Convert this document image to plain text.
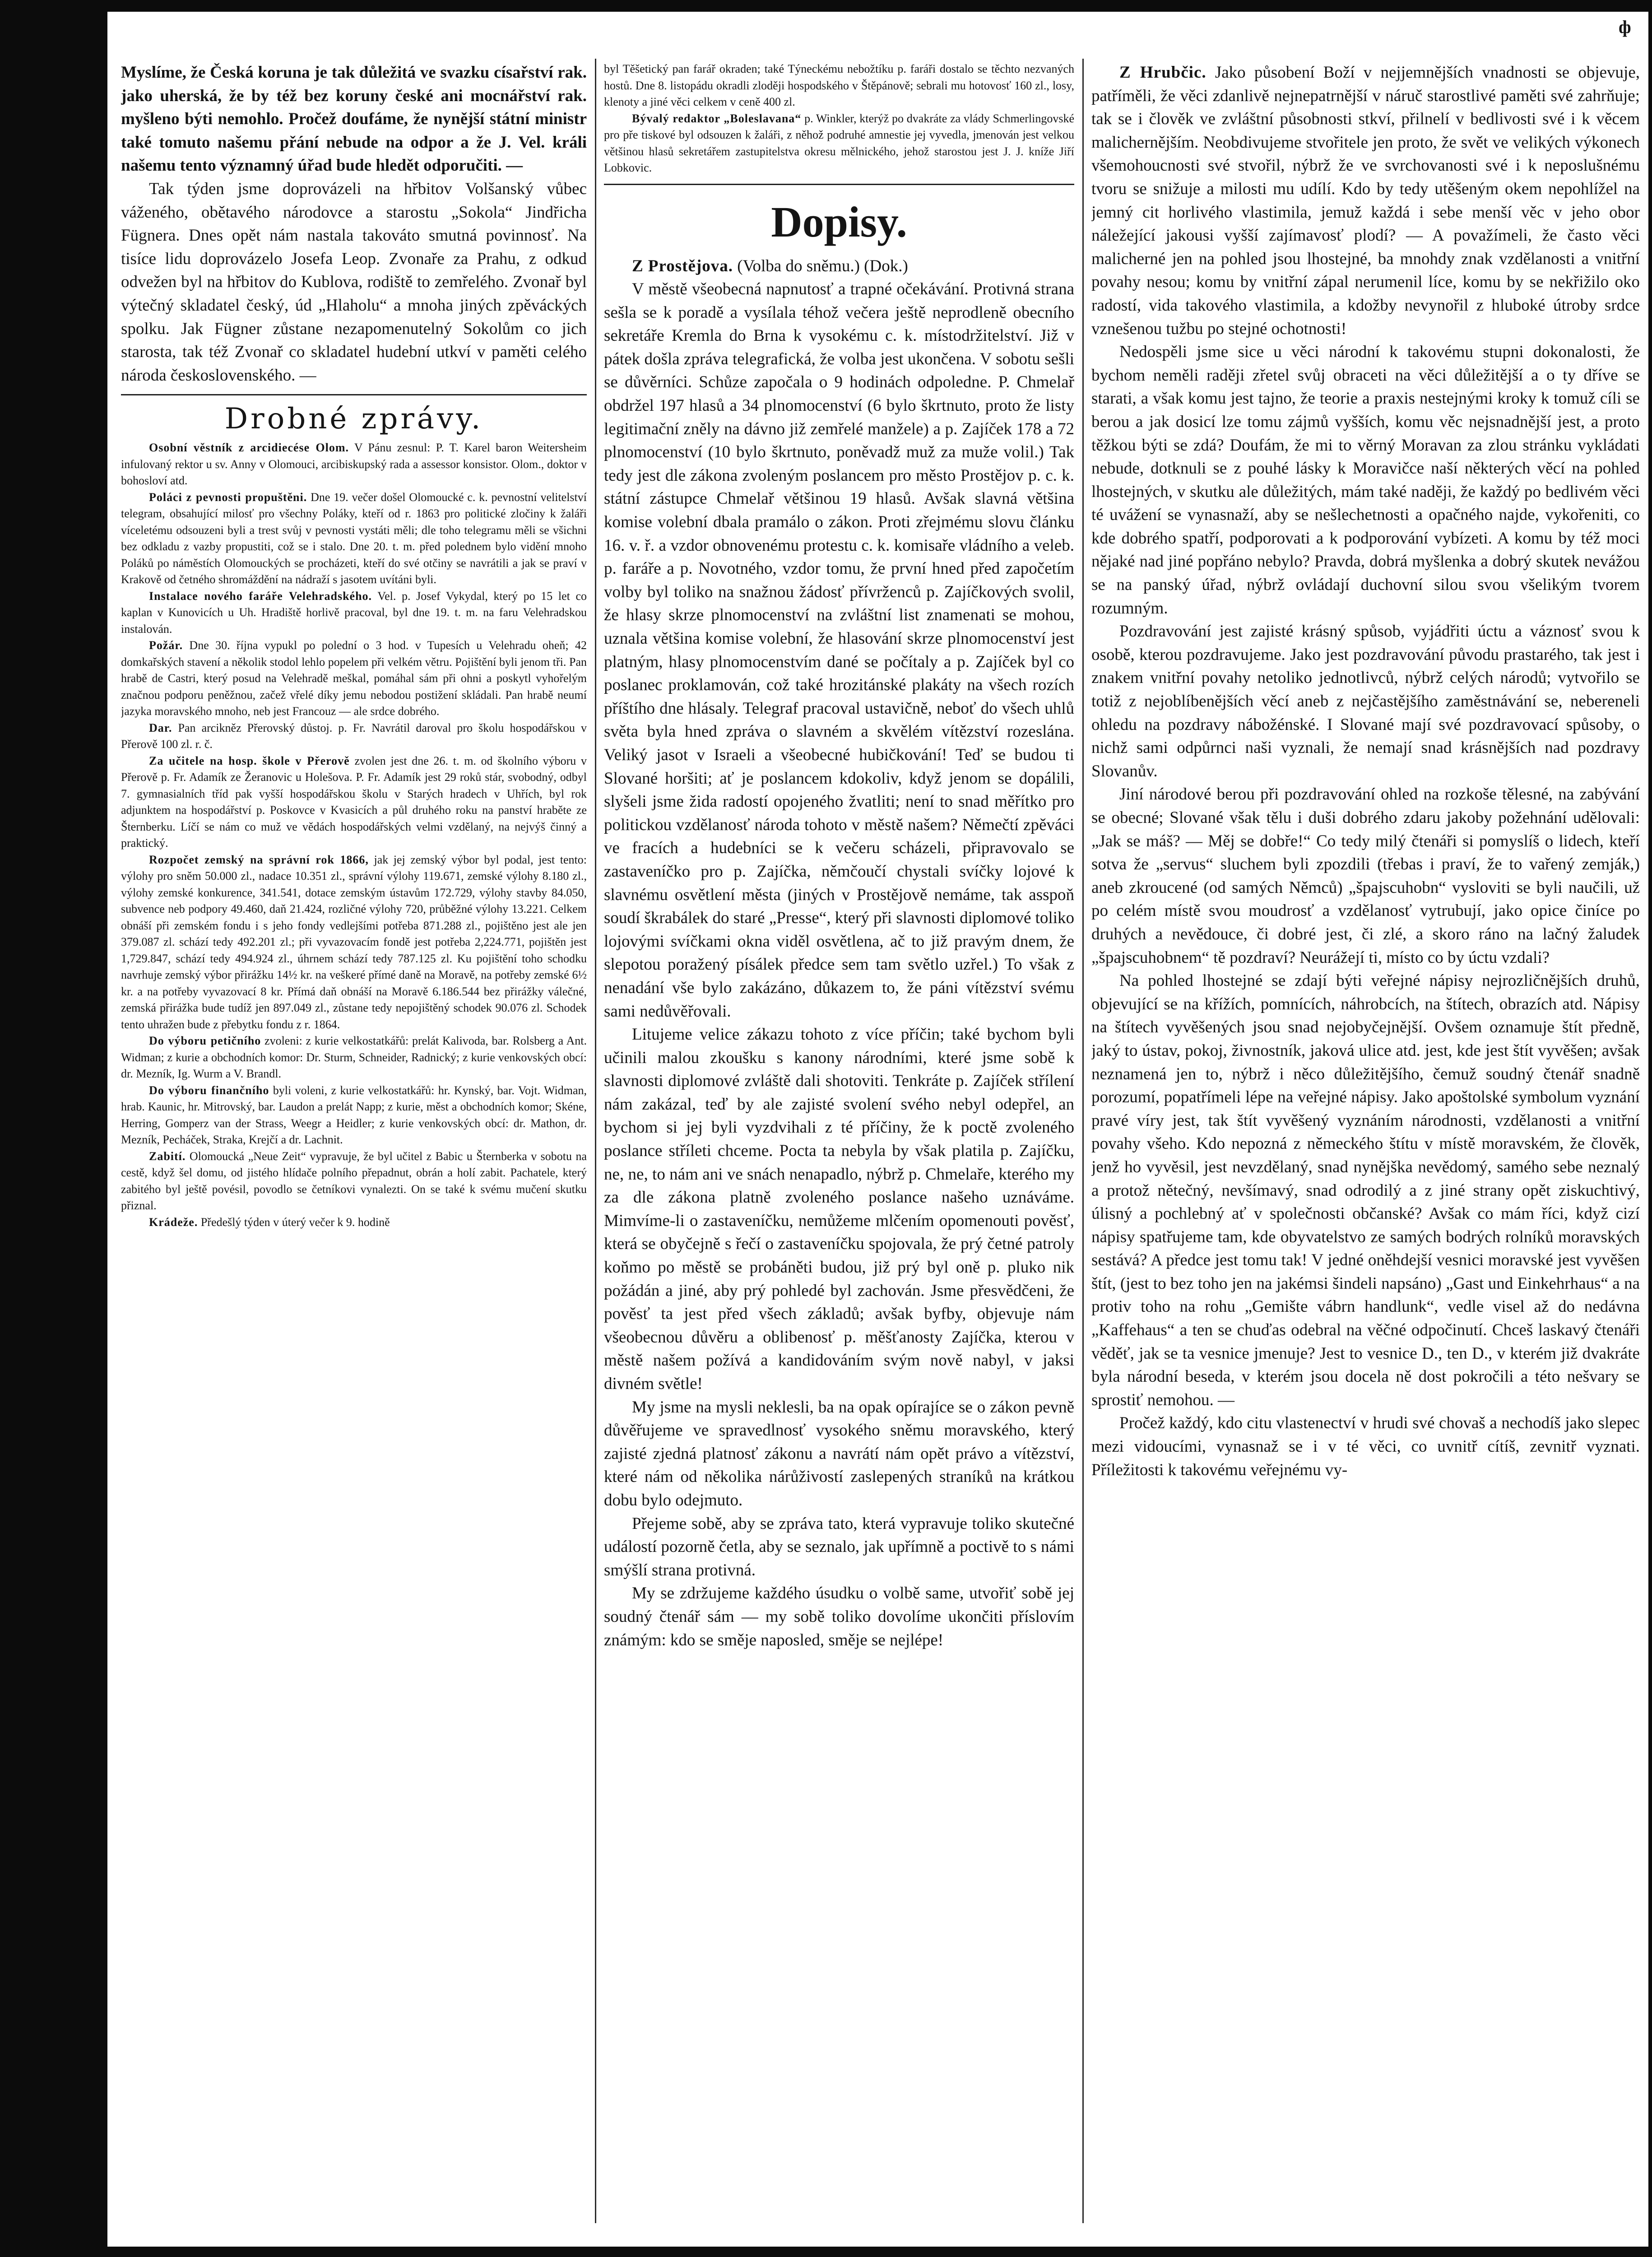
ф

Myslíme, že Česká koruna je tak důležitá ve svazku císařství rak. jako uherská, že by též bez koruny české ani mocnářství rak. myšleno býti nemohlo. Pročež doufáme, že nynější státní ministr také tomuto našemu přání nebude na odpor a že J. Vel. králi našemu tento významný úřad bude hledět odporučiti. —

Tak týden jsme doprovázeli na hřbitov Volšanský vůbec váženého, obětavého národovce a starostu „Sokola“ Jindřicha Fügnera. Dnes opět nám nastala takováto smutná povinnosť. Na tisíce lidu doprovázelo Josefa Leop. Zvonaře za Prahu, z odkud odvežen byl na hřbitov do Kublova, rodiště to zemřelého. Zvonař byl výtečný skladatel český, úd „Hlaholu“ a mnoha jiných zpěváckých spolku. Jak Fügner zůstane nezapomenutelný Sokolům co jich starosta, tak též Zvonař co skladatel hudební utkví v paměti celého národa československého. —

Drobné zprávy.

Osobní věstník z arcidiecése Olom. V Pánu zesnul: P. T. Karel baron Weitersheim infulovaný rektor u sv. Anny v Olomouci, arcibiskupský rada a assessor konsistor. Olom., doktor v bohosloví atd.

Poláci z pevnosti propuštěni. Dne 19. večer došel Olomoucké c. k. pevnostní velitelství telegram, obsahující milosť pro všechny Poláky, kteří od r. 1863 pro politické zločiny k žaláři víceletému odsouzeni byli a trest svůj v pevnosti vystáti měli; dle toho telegramu měli se všichni bez odkladu z vazby propustiti, což se i stalo. Dne 20. t. m. před polednem bylo vidění mnoho Poláků po náměstích Olomouckých se procházeti, kteří do své otčiny se navrátili a jak se praví v Krakově od četného shromáždění na nádraží s jasotem uvítáni byli.

Instalace nového faráře Velehradského. Vel. p. Josef Vykydal, který po 15 let co kaplan v Kunovicích u Uh. Hradiště horlivě pracoval, byl dne 19. t. m. na faru Velehradskou instalován.

Požár. Dne 30. října vypukl po polední o 3 hod. v Tupesích u Velehradu oheň; 42 domkařských stavení a několik stodol lehlo popelem při velkém větru. Pojištění byli jenom tři. Pan hrabě de Castri, který posud na Velehradě meškal, pomáhal sám při ohni a poskytl vyhořelým značnou podporu peněžnou, začež vřelé díky jemu nebodou postižení skládali. Pan hrabě neumí jazyka moravského mnoho, neb jest Francouz — ale srdce dobrého.

Dar. Pan arcikněz Přerovský důstoj. p. Fr. Navrátil daroval pro školu hospodářskou v Přerově 100 zl. r. č.

Za učitele na hosp. škole v Přerově zvolen jest dne 26. t. m. od školního výboru v Přerově p. Fr. Adamík ze Žeranovic u Holešova. P. Fr. Adamík jest 29 roků stár, svobodný, odbyl 7. gymnasialních tříd pak vyšší hospodářskou školu v Starých hradech v Uhřích, byl rok adjunktem na hospodářství p. Poskovce v Kvasicích a půl druhého roku na panství hraběte ze Šternberku. Líčí se nám co muž ve vědách hospodářských velmi vzdělaný, na nejvýš činný a praktický.

Rozpočet zemský na správní rok 1866, jak jej zemský výbor byl podal, jest tento: výlohy pro sněm 50.000 zl., nadace 10.351 zl., správní výlohy 119.671, zemské výlohy 8.180 zl., výlohy zemské konkurence, 341.541, dotace zemským ústavům 172.729, výlohy stavby 84.050, subvence neb podpory 49.460, daň 21.424, rozličné výlohy 720, průběžné výlohy 13.221. Celkem obnáší při zemském fondu i s jeho fondy vedlejšími potřeba 871.288 zl., pojištěno jest ale jen 379.087 zl. schází tedy 492.201 zl.; při vyvazovacím fondě jest potřeba 2,224.771, pojištěn jest 1,729.847, schází tedy 494.924 zl., úhrnem schází tedy 787.125 zl. Ku pojištění toho schodku navrhuje zemský výbor přirážku 14½ kr. na veškeré přímé daně na Moravě, na potřeby zemské 6½ kr. a na potřeby vyvazovací 8 kr. Přímá daň obnáší na Moravě 6.186.544 bez přirážky válečné, zemská přirážka bude tudíž jen 897.049 zl., zůstane tedy nepojištěný schodek 90.076 zl. Schodek tento uhražen bude z přebytku fondu z r. 1864.

Do výboru petičního zvoleni: z kurie velkostatkářů: prelát Kalivoda, bar. Rolsberg a Ant. Widman; z kurie a obchodních komor: Dr. Sturm, Schneider, Radnický; z kurie venkovských obcí: dr. Mezník, Ig. Wurm a V. Brandl.

Do výboru finančního byli voleni, z kurie velkostatkářů: hr. Kynský, bar. Vojt. Widman, hrab. Kaunic, hr. Mitrovský, bar. Laudon a prelát Napp; z kurie, měst a obchodních komor; Skéne, Herring, Gomperz van der Strass, Weegr a Heidler; z kurie venkovských obcí: dr. Mathon, dr. Mezník, Pecháček, Straka, Krejčí a dr. Lachnit.

Zabití. Olomoucká „Neue Zeit“ vypravuje, že byl učitel z Babic u Šternberka v sobotu na cestě, když šel domu, od jistého hlídače polního přepadnut, obrán a holí zabit. Pachatele, který zabitého byl ještě povésil, povodlo se četníkovi vynalezti. On se také k svému mučení skutku přiznal.

Krádeže. Předešlý týden v úterý večer k 9. hodině

byl Těšetický pan farář okraden; také Týneckému nebožtíku p. faráři dostalo se těchto nezvaných hostů. Dne 8. listopádu okradli zloději hospodského v Štěpánově; sebrali mu hotovosť 160 zl., losy, klenoty a jiné věci celkem v ceně 400 zl.

Bývalý redaktor „Boleslavana“ p. Winkler, kterýž po dvakráte za vlády Schmerlingovské pro pře tiskové byl odsouzen k žaláři, z něhož podruhé amnestie jej vyvedla, jmenován jest velkou většinou hlasů sekretářem zastupitelstva okresu mělnického, jehož starostou jest J. J. kníže Jiří Lobkovic.

Dopisy.

Z Prostějova. (Volba do sněmu.) (Dok.)

V městě všeobecná napnutosť a trapné očekávání. Protivná strana sešla se k poradě a vysílala téhož večera ještě neprodleně obecního sekretáře Kremla do Brna k vysokému c. k. místodržitelství. Již v pátek došla zpráva telegrafická, že volba jest ukončena. V sobotu sešli se důvěrníci. Schůze započala o 9 hodinách odpoledne. P. Chmelař obdržel 197 hlasů a 34 plnomocenství (6 bylo škrtnuto, proto že listy legitimační zněly na dávno již zemřelé manžele) a p. Zajíček 178 a 72 plnomocenství (10 bylo škrtnuto, poněvadž muž za muže volil.) Tak tedy jest dle zákona zvoleným poslancem pro město Prostějov p. c. k. státní zástupce Chmelař většinou 19 hlasů. Avšak slavná většina komise volební dbala pramálo o zákon. Proti zřejmému slovu článku 16. v. ř. a vzdor obnovenému protestu c. k. komisaře vládního a veleb. p. faráře a p. Novotného, vzdor tomu, že první hned před započetím volby byl toliko na snažnou žádosť přívrženců p. Zajíčkových svolil, že hlasy skrze plnomocenství na zvláštní list znamenati se mohou, uznala většina komise volební, že hlasování skrze plnomocenství jest platným, hlasy plnomocenstvím dané se počítaly a p. Zajíček byl co poslanec proklamován, což také hrozitánské plakáty na všech rozích příštího dne hlásaly. Telegraf pracoval ustavičně, neboť do všech uhlů světa byla hned zpráva o slavném a skvělém vítězství rozeslána. Veliký jasot v Israeli a všeobecné hubičkování! Teď se budou ti Slované horšiti; ať je poslancem kdokoliv, když jenom se dopálili, slyšeli jsme žida radostí opojeného žvatliti; není to snad měřítko pro politickou vzdělanosť národa tohoto v městě našem? Němečtí zpěváci ve fracích a hudebníci se k večeru scházeli, připravovalo se zastaveníčko pro p. Zajíčka, němčoučí chystali svíčky lojové k slavnému osvětlení města (jiných v Prostějově nemáme, tak asspoň soudí škrabálek do staré „Presse“, který při slavnosti diplomové toliko lojovými svíčkami okna viděl osvětlena, ač to již pravým dnem, že slepotou poražený písálek předce sem tam světlo uzřel.) To však z nenadání vše bylo zakázáno, důkazem to, že páni vítězství svému sami nedůvěřovali.

Litujeme velice zákazu tohoto z více příčin; také bychom byli učinili malou zkoušku s kanony národními, které jsme sobě k slavnosti diplomové zvláště dali shotoviti. Tenkráte p. Zajíček střílení nám zakázal, teď by ale zajisté svolení svého nebyl odepřel, an bychom si jej byli vyzdvihali z té příčiny, že k poctě zvoleného poslance stříleti chceme. Pocta ta nebyla by však platila p. Zajíčku, ne, ne, to nám ani ve snách nenapadlo, nýbrž p. Chmelaře, kterého my za dle zákona platně zvoleného poslance našeho uznáváme. Mimvíme-li o zastaveníčku, nemůžeme mlčením opomenouti pověsť, která se obyčejně s řečí o zastaveníčku spojovala, že prý četné patroly koňmo po městě se probáněti budou, již prý byl oně p. pluko nik požádán a jiné, aby prý pohledé byl zachován. Jsme přesvědčeni, že pověsť ta jest před všech základů; avšak byfby, objevuje nám všeobecnou důvěru a oblibenosť p. měšťanosty Zajíčka, kterou v městě našem požívá a kandidováním svým nově nabyl, v jaksi divném světle!

My jsme na mysli neklesli, ba na opak opírajíce se o zákon pevně důvěřujeme ve spravedlnosť vysokého sněmu moravského, který zajisté zjedná platnosť zákonu a navrátí nám opět právo a vítězství, které nám od několika nárůživostí zaslepených straníků na krátkou dobu bylo odejmuto.

Přejeme sobě, aby se zpráva tato, která vypravuje toliko skutečné událostí pozorně četla, aby se seznalo, jak upřímně a poctivě to s námi smýšlí strana protivná.

My se zdržujeme každého úsudku o volbě same, utvořiť sobě jej soudný čtenář sám — my sobě toliko dovolíme ukončiti příslovím známým: kdo se směje naposled, směje se nejlépe!

Z Hrubčic. Jako působení Boží v nejjemnějších vnadnosti se objevuje, patříměli, že věci zdanlivě nejnepatrnější v náruč starostlivé paměti své zahrňuje; tak se i člověk ve zvláštní působnosti stkví, přilnelí v bedlivosti své i k věcem malichernějším. Neobdivujeme stvořitele jen proto, že svět ve velikých výkonech všemohoucnosti své stvořil, nýbrž že ve svrchovanosti své i k neposlušnému tvoru se snižuje a milosti mu udílí. Kdo by tedy utěšeným okem nepohlížel na jemný cit horlivého vlastimila, jemuž každá i sebe menší věc v jeho obor náležející jakousi vyšší zajímavosť plodí? — A považímeli, že často věci malicherné jen na pohled jsou lhostejné, ba mnohdy znak vzdělanosti a vnitřní povahy nesou; komu by vnitřní zápal nerumenil líce, komu by se nekřižilo oko radostí, vida takového vlastimila, a kdožby nevynořil z hluboké útroby srdce vznešenou tužbu po stejné ochotnosti!

Nedospěli jsme sice u věci národní k takovému stupni dokonalosti, že bychom neměli raději zřetel svůj obraceti na věci důležitější a o ty dříve se starati, a však komu jest tajno, že teorie a praxis nestejnými kroky k tomuž cíli se berou a jak dosicí lze tomu zájmů vyšších, komu věc nejsnadnější jest, a proto těžkou býti se zdá? Doufám, že mi to věrný Moravan za zlou stránku vykládati nebude, dotknuli se z pouhé lásky k Moravičce naší některých věcí na pohled lhostejných, v skutku ale důležitých, mám také naději, že každý po bedlivém věci té uvážení se vynasnaží, aby se nešlechetnosti a opačného najde, vykořeniti, co kde dobrého spatří, podporovati a k podporování vybízeti. A komu by též moci nějaké nad jiné popřáno nebylo? Pravda, dobrá myšlenka a dobrý skutek nevážou se na panský úřad, nýbrž ovládají duchovní silou svou všelikým tvorem rozumným.

Pozdravování jest zajisté krásný spůsob, vyjádřiti úctu a váznosť svou k osobě, kterou pozdravujeme. Jako jest pozdravování původu prastarého, tak jest i znakem vnitřní povahy netoliko jednotlivců, nýbrž celých národů; vytvořilo se totiž z nejoblíbenějších věcí aneb z nejčastějšího zaměstnávání se, nebereneli ohledu na pozdravy nábožénské. I Slované mají své pozdravovací spůsoby, o nichž sami odpůrnci naši vyznali, že nemají snad krásnějších nad pozdravy Slovanův.

Jiní národové berou při pozdravování ohled na rozkoše tělesné, na zabývání se obecné; Slované však tělu i duši dobrého zdaru jakoby požehnání udělovali: „Jak se máš? — Měj se dobře!“ Co tedy milý čtenáři si pomyslíš o lidech, kteří sotva že „servus“ sluchem byli zpozdili (třebas i praví, že to vařený zemják,) aneb zkroucené (od samých Němců) „špajscuhobn“ vysloviti se byli naučili, už po celém místě svou moudrosť a vzdělanosť vytrubují, jako opice činíce po druhých a nevědouce, či dobré jest, či zlé, a skoro ráno na lačný žaludek „špajscuhobnem“ tě pozdraví? Neurážejí ti, místo co by úctu vzdali?

Na pohled lhostejné se zdají býti veřejné nápisy nejrozličnějších druhů, objevující se na křížích, pomnících, náhrobcích, na štítech, obrazích atd. Nápisy na štítech vyvěšených jsou snad nejobyčejnější. Ovšem oznamuje štít předně, jaký to ústav, pokoj, živnostník, jaková ulice atd. jest, kde jest štít vyvěšen; avšak neznamená jen to, nýbrž i něco důležitějšího, čemuž soudný čtenář snadně porozumí, popatřímeli lépe na veřejné nápisy. Jako apoštolské symbolum vyznání pravé víry jest, tak štít vyvěšený vyznáním národnosti, vzdělanosti a vnitřní povahy všeho. Kdo nepozná z německého štítu v místě moravském, že člověk, jenž ho vyvěsil, jest nevzdělaný, snad nynějška nevědomý, samého sebe neznalý a protož nětečný, nevšímavý, snad odrodilý a z jiné strany opět ziskuchtivý, úlisný a pochlebný ať v společnosti občanské? Avšak co mám říci, když cizí nápisy spatřujeme tam, kde obyvatelstvo ze samých bodrých rolníků moravských sestává? A předce jest tomu tak! V jedné oněhdejší vesnici moravské jest vyvěšen štít, (jest to bez toho jen na jakémsi šindeli napsáno) „Gast und Einkehrhaus“ a na protiv toho na rohu „Gemište vábrn handlunk“, vedle visel až do nedávna „Kaffehaus“ a ten se chuďas odebral na věčné odpočinutí. Chceš laskavý čtenáři věděť, jak se ta vesnice jmenuje? Jest to vesnice D., ten D., v kterém již dvakráte byla národní beseda, v kterém jsou docela ně dost pokročili a této nešvary se sprostiť nemohou. —

Pročež každý, kdo citu vlastenectví v hrudi své chovaš a nechodíš jako slepec mezi vidoucími, vynasnaž se i v té věci, co uvnitř cítíš, zevnitř vyznati. Příležitosti k takovému veřejnému vy-
